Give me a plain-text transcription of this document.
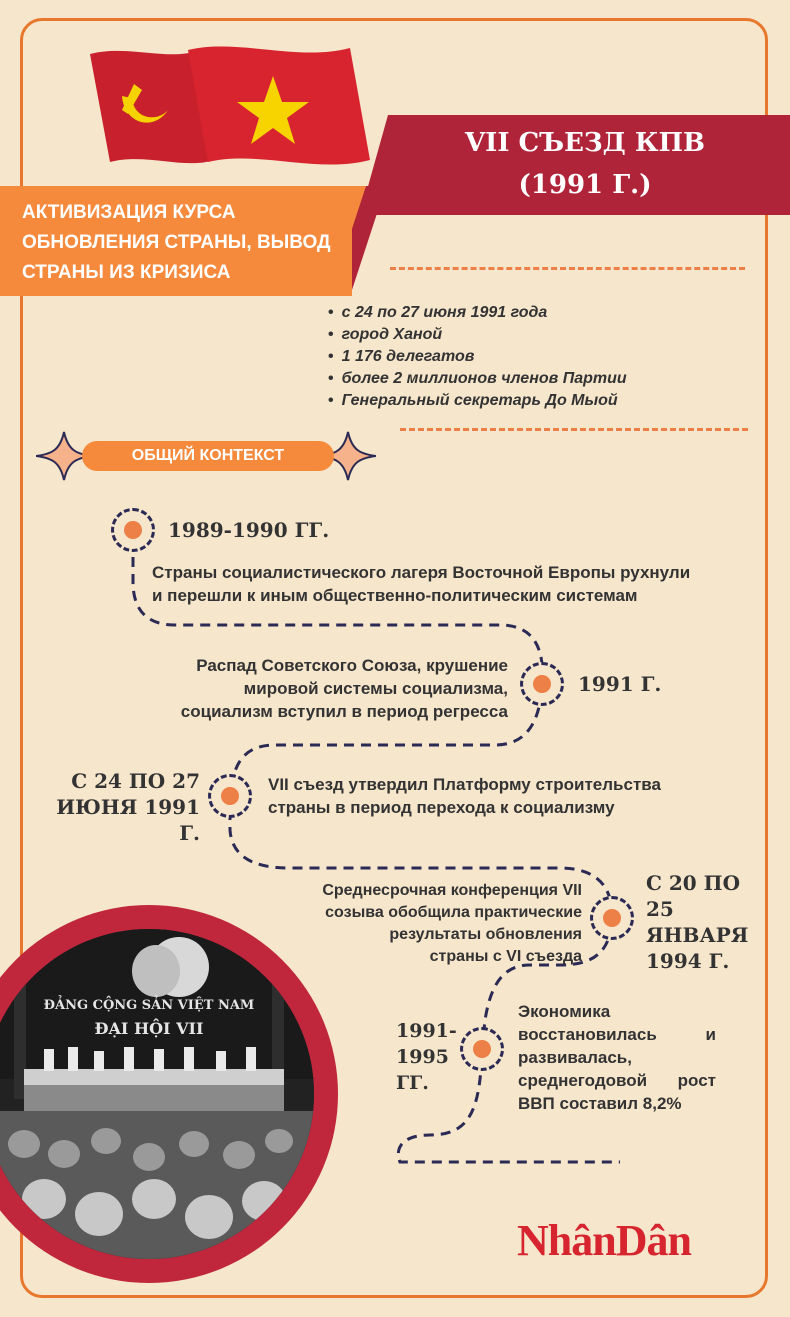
VII СЪЕЗД КПВ
(1991 Г.)
АКТИВИЗАЦИЯ КУРСА
ОБНОВЛЕНИЯ СТРАНЫ, ВЫВОД
СТРАНЫ ИЗ КРИЗИСА
• с 24 по 27 июня 1991 года
• город Ханой
• 1 176 делегатов
• более 2 миллионов членов Партии
• Генеральный секретарь До Мыой
ОБЩИЙ КОНТЕКСТ
1989-1990 ГГ.
Страны социалистического лагеря Восточной Европы рухнули
и перешли к иным общественно-политическим системам
Распад Советского Союза, крушение
мировой системы социализма,
социализм вступил в период регресса
1991 Г.
С 24 ПО 27
ИЮНЯ 1991 Г.
VII съезд утвердил Платформу строительства
страны в период перехода к социализму
Среднесрочная конференция VII
созыва обобщила практические
результаты обновления
страны с VI съезда
С 20 ПО
25
ЯНВАРЯ
1994 Г.
1991-
1995
ГГ.
Экономика
восстановилась	и
развивалась,
среднегодовой рост
ВВП составил 8,2%
ĐẢNG CỘNG SẢN VIỆT NAM
ĐẠI HỘI VII
NhânDân
